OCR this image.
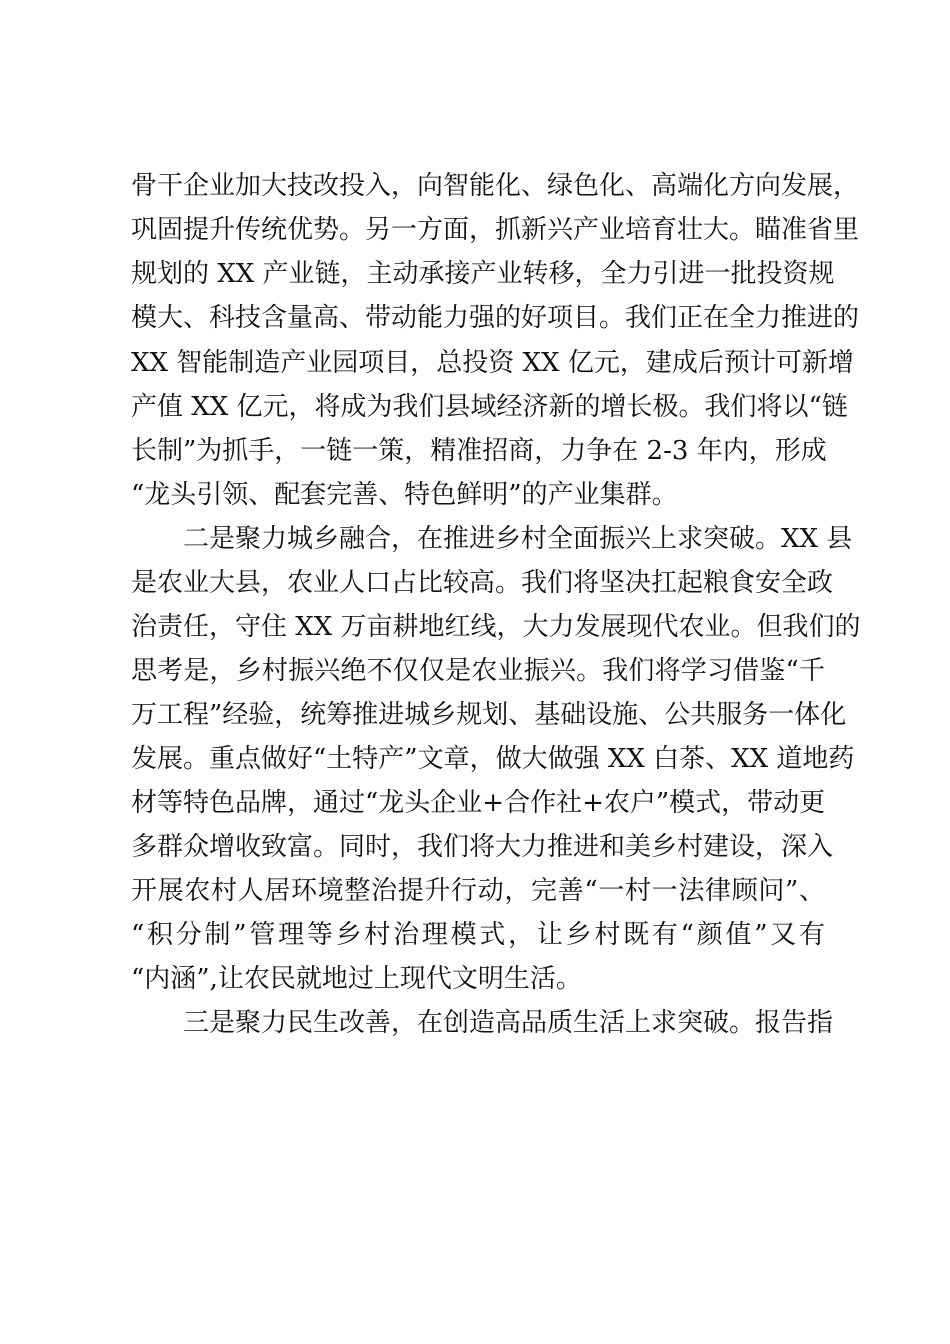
骨干企业加大技改投入，向智能化、绿色化、高端化方向发展，
巩固提升传统优势。另一方面，抓新兴产业培育壮大。瞄准省里
规划的 XX 产业链，主动承接产业转移，全力引进一批投资规
模大、科技含量高、带动能力强的好项目。我们正在全力推进的
XX 智能制造产业园项目，总投资 XX 亿元，建成后预计可新增
产值 XX 亿元，将成为我们县域经济新的增长极。我们将以“链
长制”为抓手，一链一策，精准招商，力争在 2-3 年内，形成
“龙头引领、配套完善、特色鲜明”的产业集群。
　　二是聚力城乡融合，在推进乡村全面振兴上求突破。XX 县
是农业大县，农业人口占比较高。我们将坚决扛起粮食安全政
治责任，守住 XX 万亩耕地红线，大力发展现代农业。但我们的
思考是，乡村振兴绝不仅仅是农业振兴。我们将学习借鉴“千
万工程”经验，统筹推进城乡规划、基础设施、公共服务一体化
发展。重点做好“土特产”文章，做大做强 XX 白茶、XX 道地药
材等特色品牌，通过“龙头企业+合作社+农户”模式，带动更
多群众增收致富。同时，我们将大力推进和美乡村建设，深入
开展农村人居环境整治提升行动，完善“一村一法律顾问”、
“积分制”管理等乡村治理模式，让乡村既有“颜值”又有
“内涵”,让农民就地过上现代文明生活。
　　三是聚力民生改善，在创造高品质生活上求突破。报告指
